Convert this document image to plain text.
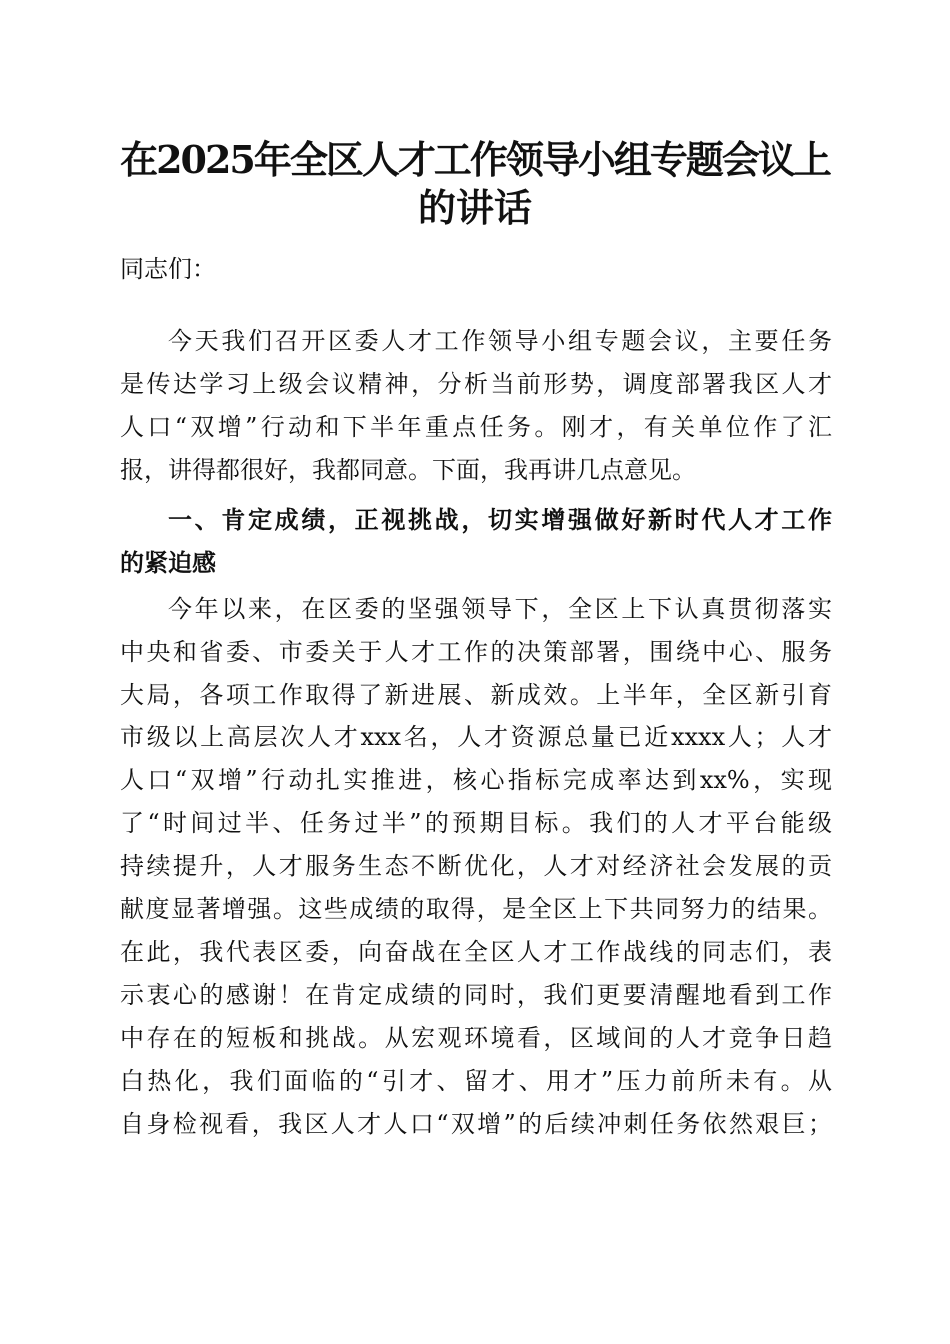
在2025年全区人才工作领导小组专题会议上
的讲话

同志们：

今天我们召开区委人才工作领导小组专题会议，主要任务

是传达学习上级会议精神，分析当前形势，调度部署我区人才

人口“双增”行动和下半年重点任务。刚才，有关单位作了汇

报，讲得都很好，我都同意。下面，我再讲几点意见。

一、肯定成绩，正视挑战，切实增强做好新时代人才工作

的紧迫感

今年以来，在区委的坚强领导下，全区上下认真贯彻落实

中央和省委、市委关于人才工作的决策部署，围绕中心、服务

大局，各项工作取得了新进展、新成效。上半年，全区新引育

市级以上高层次人才xxx名，人才资源总量已近xxxx人；人才

人口“双增”行动扎实推进，核心指标完成率达到xx%，实现

了“时间过半、任务过半”的预期目标。我们的人才平台能级

持续提升，人才服务生态不断优化，人才对经济社会发展的贡

献度显著增强。这些成绩的取得，是全区上下共同努力的结果。

在此，我代表区委，向奋战在全区人才工作战线的同志们，表

示衷心的感谢！在肯定成绩的同时，我们更要清醒地看到工作

中存在的短板和挑战。从宏观环境看，区域间的人才竞争日趋

白热化，我们面临的“引才、留才、用才”压力前所未有。从

自身检视看，我区人才人口“双增”的后续冲刺任务依然艰巨；
